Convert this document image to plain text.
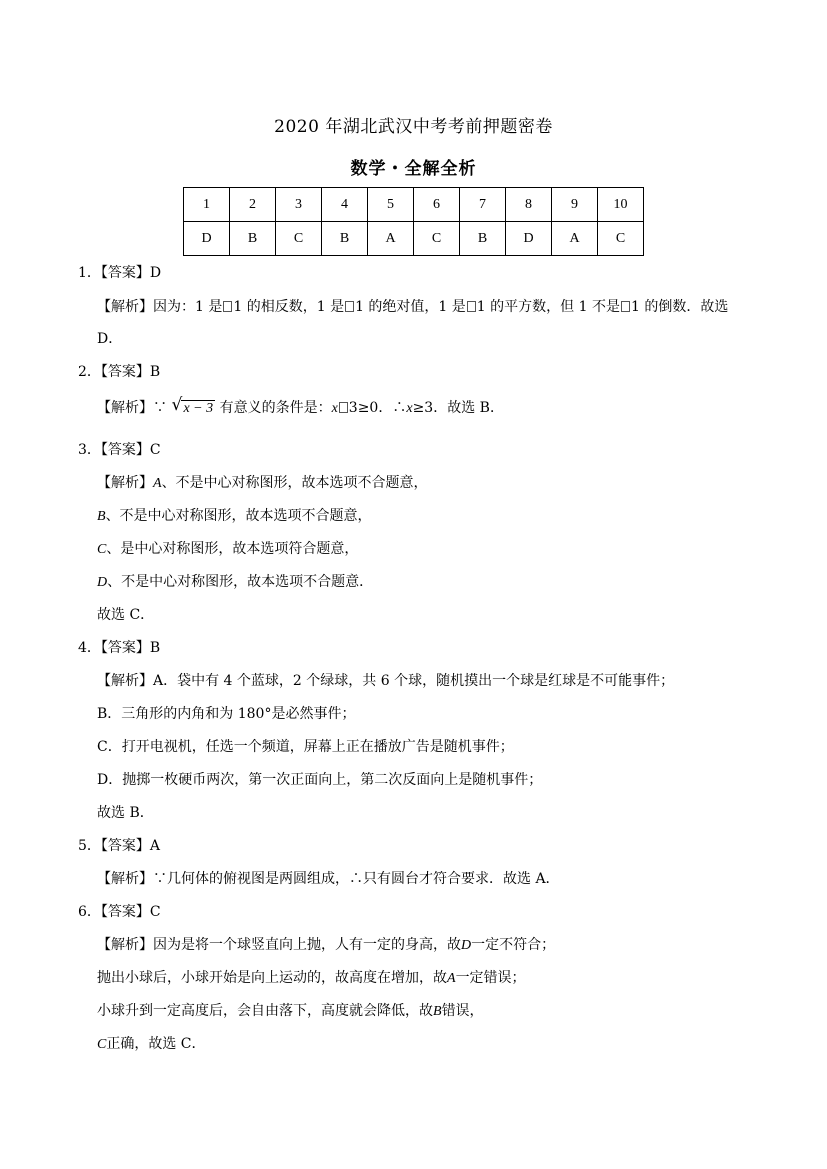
2020 年湖北武汉中考考前押题密卷
数学・全解全析
1	2	3	4	5	6	7	8	9	10
D	B	C	B	A	C	B	D	A	C
1．【答案】D
【解析】因为：1 是 1 的相反数，1 是 1 的绝对值，1 是 1 的平方数，但 1 不是 1 的倒数．故选
D．
2．【答案】B
【解析】∵ √ x − 3 有意义的条件是：x 3≥0．∴x≥3．故选 B．
3．【答案】C
【解析】A、不是中心对称图形，故本选项不合题意，
B、不是中心对称图形，故本选项不合题意，
C、是中心对称图形，故本选项符合题意，
D、不是中心对称图形，故本选项不合题意．
故选 C．
4．【答案】B
【解析】A．袋中有 4 个蓝球，2 个绿球，共 6 个球，随机摸出一个球是红球是不可能事件；
B．三角形的内角和为 180°是必然事件；
C．打开电视机，任选一个频道，屏幕上正在播放广告是随机事件；
D．抛掷一枚硬币两次，第一次正面向上，第二次反面向上是随机事件；
故选 B．
5．【答案】A
【解析】∵几何体的俯视图是两圆组成，∴只有圆台才符合要求．故选 A．
6．【答案】C
【解析】因为是将一个球竖直向上抛，人有一定的身高，故D一定不符合；
抛出小球后，小球开始是向上运动的，故高度在增加，故A一定错误；
小球升到一定高度后，会自由落下，高度就会降低，故B错误，
C正确，故选 C．
